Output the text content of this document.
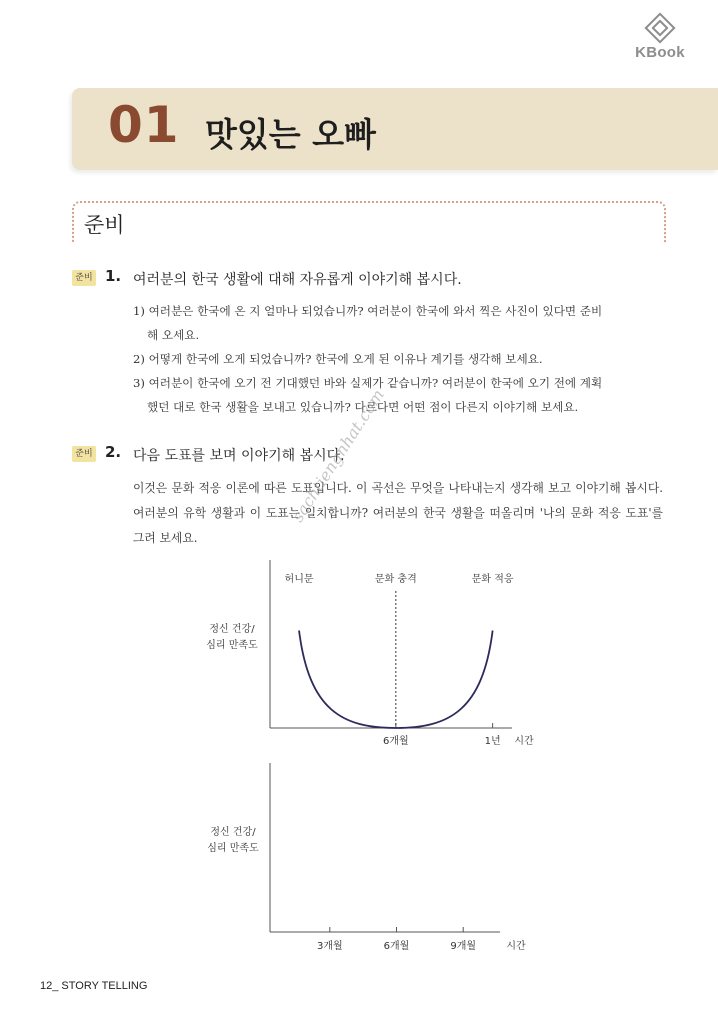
KBook
01 맛있는 오빠
준비
준비 1. 여러분의 한국 생활에 대해 자유롭게 이야기해 봅시다.
1) 여러분은 한국에 온 지 얼마나 되었습니까? 여러분이 한국에 와서 찍은 사진이 있다면 준비
해 오세요.
2) 어떻게 한국에 오게 되었습니까? 한국에 오게 된 이유나 계기를 생각해 보세요.
3) 여러분이 한국에 오기 전 기대했던 바와 실제가 같습니까? 여러분이 한국에 오기 전에 계획
했던 대로 한국 생활을 보내고 있습니까? 다르다면 어떤 점이 다른지 이야기해 보세요.
준비 2. 다음 도표를 보며 이야기해 봅시다.
이것은 문화 적응 이론에 따른 도표입니다. 이 곡선은 무엇을 나타내는지 생각해 보고 이야기해 봅시다. 여러분의 유학 생활과 이 도표는 일치합니까? 여러분의 한국 생활을 떠올리며 '나의 문화 적응 도표'를 그려 보세요.
sachtiengnhat.com
6개월	1년 시간
정신 건강/
심리 만족도
허니문	문화 충격	문화 적응
3개월	6개월	9개월	시간
정신 건강/
심리 만족도
12_ STORY TELLING
